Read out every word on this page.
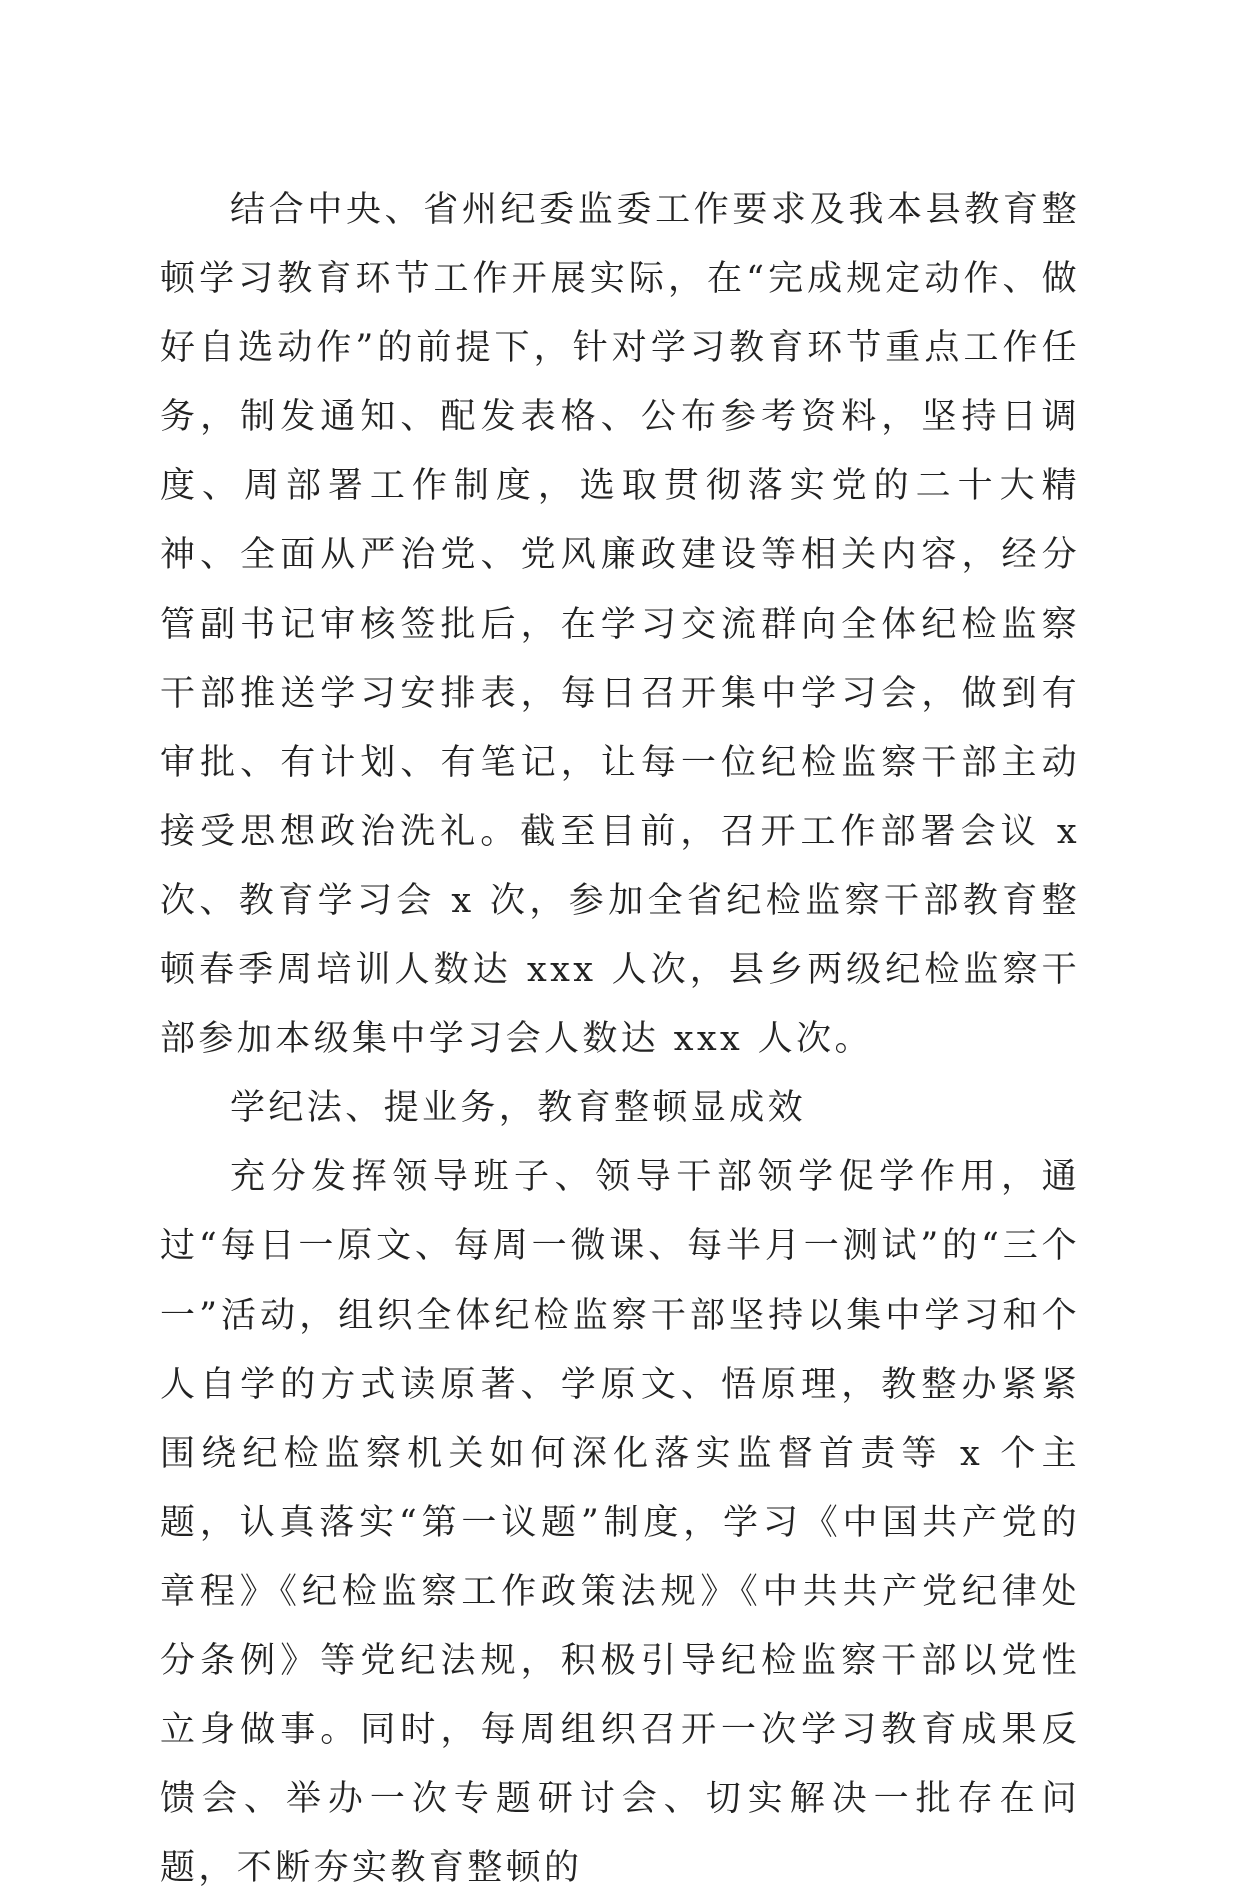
结合中央、省州纪委监委工作要求及我本县教育整顿学习教育环节工作开展实际，在“完成规定动作、做好自选动作”的前提下，针对学习教育环节重点工作任务，制发通知、配发表格、公布参考资料，坚持日调度、周部署工作制度，选取贯彻落实党的二十大精神、全面从严治党、党风廉政建设等相关内容，经分管副书记审核签批后，在学习交流群向全体纪检监察干部推送学习安排表，每日召开集中学习会，做到有审批、有计划、有笔记，让每一位纪检监察干部主动接受思想政治洗礼。截至目前，召开工作部署会议 x 次、教育学习会 x 次，参加全省纪检监察干部教育整顿春季周培训人数达 xxx 人次，县乡两级纪检监察干部参加本级集中学习会人数达 xxx 人次。

学纪法、提业务，教育整顿显成效

充分发挥领导班子、领导干部领学促学作用，通过“每日一原文、每周一微课、每半月一测试”的“三个一”活动，组织全体纪检监察干部坚持以集中学习和个人自学的方式读原著、学原文、悟原理，教整办紧紧围绕纪检监察机关如何深化落实监督首责等 x 个主题，认真落实“第一议题”制度，学习《中国共产党的章程》《纪检监察工作政策法规》《中共共产党纪律处分条例》等党纪法规，积极引导纪检监察干部以党性立身做事。同时，每周组织召开一次学习教育成果反馈会、举办一次专题研讨会、切实解决一批存在问题，不断夯实教育整顿的
